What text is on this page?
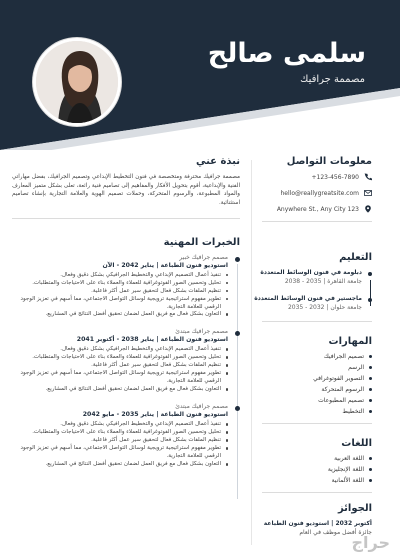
سلمى صالح
مصممة جرافيك
معلومات التواصل
+123-456-7890
hello@reallygreatsite.com
Anywhere St., Any City 123
التعليم
دبلومة في فنون الوسائط المتعددة
جامعة القاهرة | 2035 - 2038
ماجستير في فنون الوسائط المتعددة
جامعة حلوان | 2032 - 2035
المهارات
تصميم الجرافيك
الرسم
التصوير الفوتوغرافي
الرسوم المتحركة
تصميم المطبوعات
التخطيط
اللغات
اللغة العربية
اللغة الإنجليزية
اللغة الألمانية
الجوائز
أكتوبر 2032 | استوديو فنون الطباعة
جائزة أفضل موظف في العام
نبذة عني

مصممة جرافيك محترفة ومتخصصة في فنون التخطيط الإبداعي وتصميم الجرافيك، بفضل مهاراتي الفنية والإبداعية، أقوم بتحويل الأفكار والمفاهيم إلى تصاميم فنية رائعة، تعلى بشكل متميز المعارف والمواد المطبوعة، والرسوم المتحركة، وحملات تصميم الهوية والعلامة التجارية بإنشاء تصاميم استثنائية.

الخبرات المهنية
مصمم جرافيك خبير
استوديو فنون الطباعة | يناير 2042 - الآن
تنفيذ أعمال التصميم الإبداعي والتخطيط الجرافيكي بشكل دقيق وفعال.
تحليل وتحسين الصور الفوتوغرافية للعملاء والعملاء بناء على الاحتياجات والمتطلبات.
تنظيم الملفات بشكل فعال لتحقيق سير عمل أكثر فاعلية.
تطوير مفهوم استراتيجية ترويجية لوسائل التواصل الاجتماعي، مما أسهم في تعزيز الوجود الرقمي للعلامة التجارية.
التعاون بشكل فعال مع فريق العمل لضمان تحقيق أفضل النتائج في المشاريع.
مصمم جرافيك مبتدئ
استوديو فنون الطباعة | يناير 2038 - أكتوبر 2041
تنفيذ أعمال التصميم الإبداعي والتخطيط الجرافيكي بشكل دقيق وفعال.
تحليل وتحسين الصور الفوتوغرافية للعملاء والعملاء بناء على الاحتياجات والمتطلبات.
تنظيم الملفات بشكل فعال لتحقيق سير عمل أكثر فاعلية.
تطوير مفهوم استراتيجية ترويجية لوسائل التواصل الاجتماعي، مما أسهم في تعزيز الوجود الرقمي للعلامة التجارية.
التعاون بشكل فعال مع فريق العمل لضمان تحقيق أفضل النتائج في المشاريع.
مصمم جرافيك مبتدئ
استوديو فنون الطباعة | يناير 2035 - مايو 2042
تنفيذ أعمال التصميم الإبداعي والتخطيط الجرافيكي بشكل دقيق وفعال.
تحليل وتحسين الصور الفوتوغرافية للعملاء والعملاء بناء على الاحتياجات والمتطلبات.
تنظيم الملفات بشكل فعال لتحقيق سير عمل أكثر فاعلية.
تطوير مفهوم استراتيجية ترويجية لوسائل التواصل الاجتماعي، مما أسهم في تعزيز الوجود الرقمي للعلامة التجارية.
التعاون بشكل فعال مع فريق العمل لضمان تحقيق أفضل النتائج في المشاريع.
حراج
